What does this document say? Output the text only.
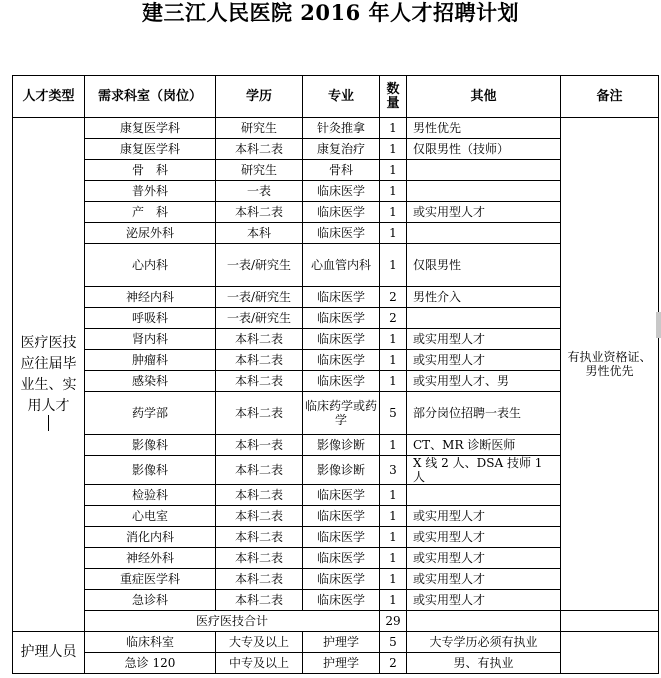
建三江人民医院 2016 年人才招聘计划
人才类型	需求科室（岗位）	学历	专业	数量	其他	备注
医疗医技应往届毕业生、实用人才	康复医学科	研究生	针灸推拿	1	男性优先	有执业资格证、男性优先
	康复医学科	本科二表	康复治疗	1	仅限男性（技师）	
	骨　科	研究生	骨科	1		
	普外科	一表	临床医学	1		
	产　科	本科二表	临床医学	1	或实用型人才	
	泌尿外科	本科	临床医学	1		
	心内科	一表/研究生	心血管内科	1	仅限男性	
	神经内科	一表/研究生	临床医学	2	男性介入	
	呼吸科	一表/研究生	临床医学	2		
	肾内科	本科二表	临床医学	1	或实用型人才	
	肿瘤科	本科二表	临床医学	1	或实用型人才	
	感染科	本科二表	临床医学	1	或实用型人才、男	
	药学部	本科二表	临床药学或药学	5	部分岗位招聘一表生	
	影像科	本科一表	影像诊断	1	CT、MR 诊断医师	
	影像科	本科二表	影像诊断	3	X 线 2 人、DSA 技师 1 人	
	检验科	本科二表	临床医学	1		
	心电室	本科二表	临床医学	1	或实用型人才	
	消化内科	本科二表	临床医学	1	或实用型人才	
	神经外科	本科二表	临床医学	1	或实用型人才	
	重症医学科	本科二表	临床医学	1	或实用型人才	
	急诊科	本科二表	临床医学	1	或实用型人才	
	医疗医技合计			29		
护理人员	临床科室	大专及以上	护理学	5	大专学历必须有执业	
	急诊 120	中专及以上	护理学	2	男、有执业	
